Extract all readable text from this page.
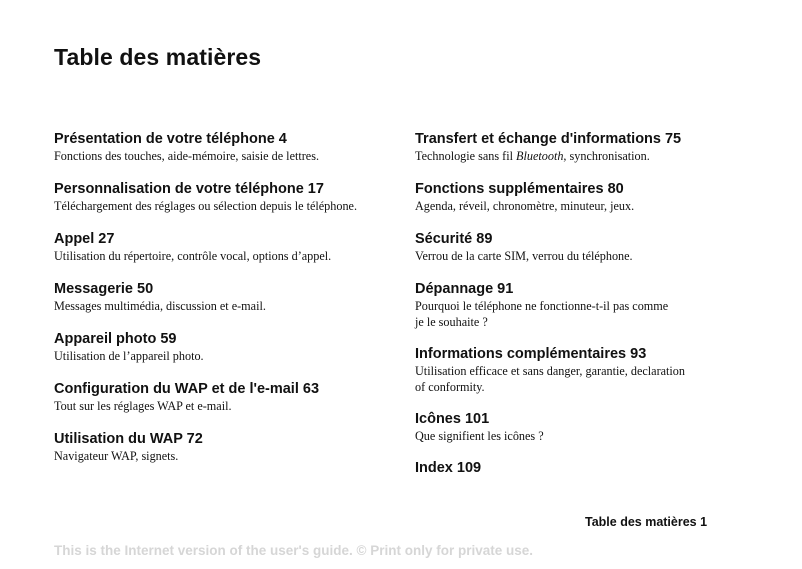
Table des matières
Présentation de votre téléphone 4
Fonctions des touches, aide-mémoire, saisie de lettres.
Personnalisation de votre téléphone 17
Téléchargement des réglages ou sélection depuis le téléphone.
Appel 27
Utilisation du répertoire, contrôle vocal, options d’appel.
Messagerie 50
Messages multimédia, discussion et e-mail.
Appareil photo 59
Utilisation de l’appareil photo.
Configuration du WAP et de l'e-mail 63
Tout sur les réglages WAP et e-mail.
Utilisation du WAP 72
Navigateur WAP, signets.
Transfert et échange d'informations 75
Technologie sans fil Bluetooth, synchronisation.
Fonctions supplémentaires 80
Agenda, réveil, chronomètre, minuteur, jeux.
Sécurité 89
Verrou de la carte SIM, verrou du téléphone.
Dépannage 91
Pourquoi le téléphone ne fonctionne-t-il pas comme
je le souhaite ?
Informations complémentaires 93
Utilisation efficace et sans danger, garantie, declaration
of conformity.
Icônes 101
Que signifient les icônes ?
Index 109
Table des matières 1
This is the Internet version of the user's guide. © Print only for private use.
